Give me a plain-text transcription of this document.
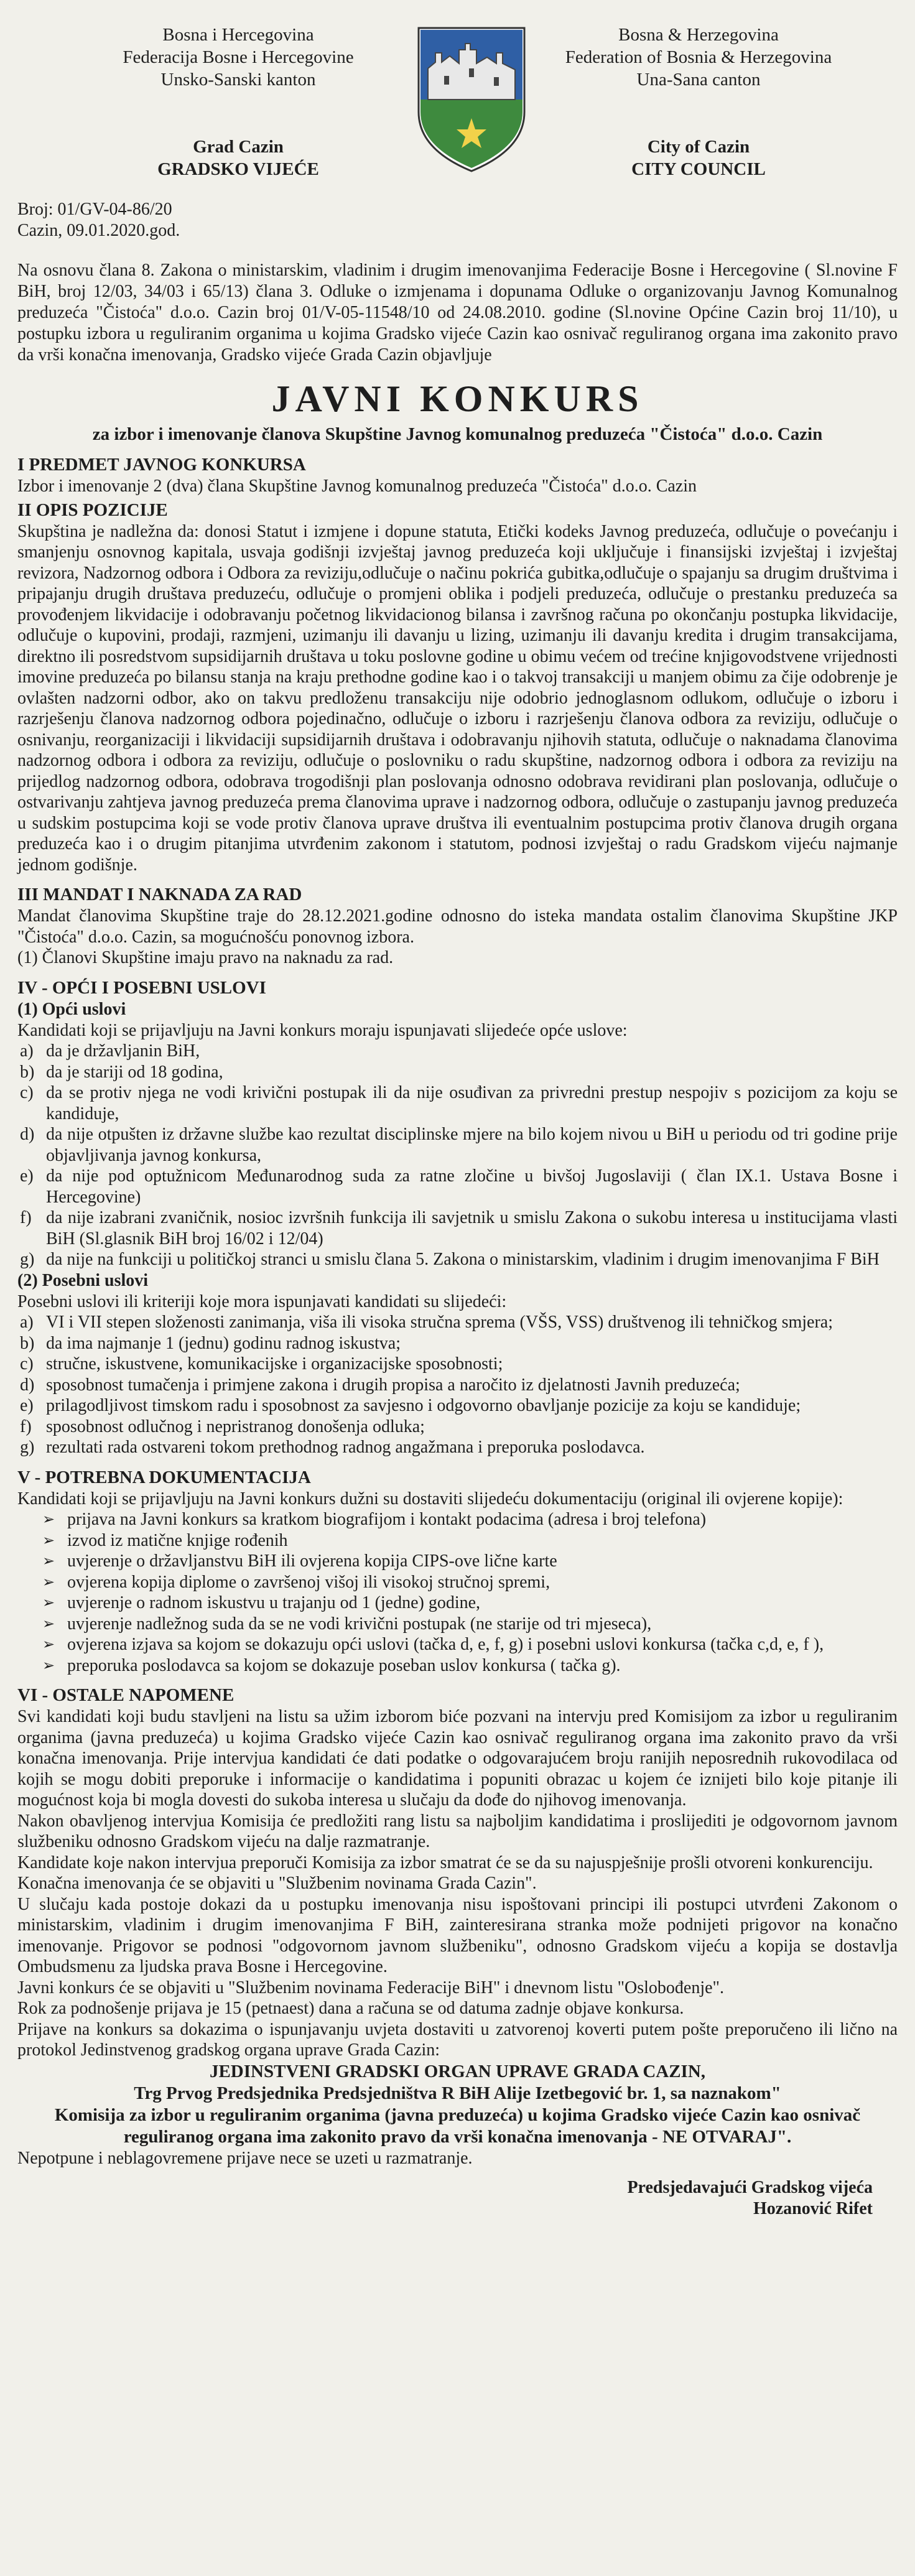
Bosna i Hercegovina
Federacija Bosne i Hercegovine
Unsko-Sanski kanton
Grad Cazin
GRADSKO VIJEĆE
Bosna & Herzegovina
Federation of Bosnia & Herzegovina
Una-Sana canton
City of Cazin
CITY COUNCIL
Broj: 01/GV-04-86/20
Cazin, 09.01.2020.god.
Na osnovu člana 8. Zakona o ministarskim, vladinim i drugim imenovanjima Federacije Bosne i Hercegovine ( Sl.novine F BiH, broj 12/03, 34/03 i 65/13) člana 3. Odluke o izmjenama i dopunama Odluke o organizovanju Javnog Komunalnog preduzeća "Čistoća" d.o.o. Cazin broj 01/V-05-11548/10 od 24.08.2010. godine (Sl.novine Općine Cazin broj 11/10), u postupku izbora u reguliranim organima u kojima Gradsko vijeće Cazin kao osnivač reguliranog organa ima zakonito pravo da vrši konačna imenovanja, Gradsko vijeće Grada Cazin objavljuje
JAVNI KONKURS
za izbor i imenovanje članova Skupštine Javnog komunalnog preduzeća "Čistoća" d.o.o. Cazin
I PREDMET JAVNOG KONKURSA
Izbor i imenovanje 2 (dva) člana Skupštine Javnog komunalnog preduzeća "Čistoća" d.o.o. Cazin
II OPIS POZICIJE
Skupština je nadležna da: donosi Statut i izmjene i dopune statuta, Etički kodeks Javnog preduzeća, odlučuje o povećanju i smanjenju osnovnog kapitala, usvaja godišnji izvještaj javnog preduzeća koji uključuje i finansijski izvještaj i izvještaj revizora, Nadzornog odbora i Odbora za reviziju,odlučuje o načinu pokrića gubitka,odlučuje o spajanju sa drugim društvima i pripajanju drugih društava preduzeću, odlučuje o promjeni oblika i podjeli preduzeća, odlučuje o prestanku preduzeća sa provođenjem likvidacije i odobravanju početnog likvidacionog bilansa i završnog računa po okončanju postupka likvidacije, odlučuje o kupovini, prodaji, razmjeni, uzimanju ili davanju u lizing, uzimanju ili davanju kredita i drugim transakcijama, direktno ili posredstvom supsidijarnih društava u toku poslovne godine u obimu većem od trećine knjigovodstvene vrijednosti imovine preduzeća po bilansu stanja na kraju prethodne godine kao i o takvoj transakciji u manjem obimu za čije odobrenje je ovlašten nadzorni odbor, ako on takvu predloženu transakciju nije odobrio jednoglasnom odlukom, odlučuje o izboru i razrješenju članova nadzornog odbora pojedinačno, odlučuje o izboru i razrješenju članova odbora za reviziju, odlučuje o osnivanju, reorganizaciji i likvidaciji supsidijarnih društava i odobravanju njihovih statuta, odlučuje o naknadama članovima nadzornog odbora i odbora za reviziju, odlučuje o poslovniku o radu skupštine, nadzornog odbora i odbora za reviziju na prijedlog nadzornog odbora, odobrava trogodišnji plan poslovanja odnosno odobrava revidirani plan poslovanja, odlučuje o ostvarivanju zahtjeva javnog preduzeća prema članovima uprave i nadzornog odbora, odlučuje o zastupanju javnog preduzeća u sudskim postupcima koji se vode protiv članova uprave društva ili eventualnim postupcima protiv članova drugih organa preduzeća kao i o drugim pitanjima utvrđenim zakonom i statutom, podnosi izvještaj o radu Gradskom vijeću najmanje jednom godišnje.
III MANDAT I NAKNADA ZA RAD
Mandat članovima Skupštine traje do 28.12.2021.godine odnosno do isteka mandata ostalim članovima Skupštine JKP "Čistoća" d.o.o. Cazin, sa mogućnošću ponovnog izbora.
(1) Članovi Skupštine imaju pravo na naknadu za rad.
IV - OPĆI I POSEBNI USLOVI
(1) Opći uslovi
Kandidati koji se prijavljuju na Javni konkurs moraju ispunjavati slijedeće opće uslove:
a) da je državljanin BiH,
b) da je stariji od 18 godina,
c) da se protiv njega ne vodi krivični postupak ili da nije osuđivan za privredni prestup nespojiv s pozicijom za koju se kandiduje,
d) da nije otpušten iz državne službe kao rezultat disciplinske mjere na bilo kojem nivou u BiH u periodu od tri godine prije objavljivanja javnog konkursa,
e) da nije pod optužnicom Međunarodnog suda za ratne zločine u bivšoj Jugoslaviji ( član IX.1. Ustava Bosne i Hercegovine)
f) da nije izabrani zvaničnik, nosioc izvršnih funkcija ili savjetnik u smislu Zakona o sukobu interesa u institucijama vlasti BiH (Sl.glasnik BiH broj 16/02 i 12/04)
g) da nije na funkciji u političkoj stranci u smislu člana 5. Zakona o ministarskim, vladinim i drugim imenovanjima F BiH
(2) Posebni uslovi
Posebni uslovi ili kriteriji koje mora ispunjavati kandidati su slijedeći:
a) VI i VII stepen složenosti zanimanja, viša ili visoka stručna sprema (VŠS, VSS) društvenog ili tehničkog smjera;
b) da ima najmanje 1 (jednu) godinu radnog iskustva;
c) stručne, iskustvene, komunikacijske i organizacijske sposobnosti;
d) sposobnost tumačenja i primjene zakona i drugih propisa a naročito iz djelatnosti Javnih preduzeća;
e) prilagodljivost timskom radu i sposobnost za savjesno i odgovorno obavljanje pozicije za koju se kandiduje;
f) sposobnost odlučnog i nepristranog donošenja odluka;
g) rezultati rada ostvareni tokom prethodnog radnog angažmana i preporuka poslodavca.
V - POTREBNA DOKUMENTACIJA
Kandidati koji se prijavljuju na Javni konkurs dužni su dostaviti slijedeću dokumentaciju (original ili ovjerene kopije):
➢ prijava na Javni konkurs sa kratkom biografijom i kontakt podacima (adresa i broj telefona)
➢ izvod iz matične knjige rođenih
➢ uvjerenje o državljanstvu BiH ili ovjerena kopija CIPS-ove lične karte
➢ ovjerena kopija diplome o završenoj višoj ili visokoj stručnoj spremi,
➢ uvjerenje o radnom iskustvu u trajanju od 1 (jedne) godine,
➢ uvjerenje nadležnog suda da se ne vodi krivični postupak (ne starije od tri mjeseca),
➢ ovjerena izjava sa kojom se dokazuju opći uslovi (tačka d, e, f, g) i posebni uslovi konkursa (tačka c,d, e, f ),
➢ preporuka poslodavca sa kojom se dokazuje poseban uslov konkursa ( tačka g).
VI - OSTALE NAPOMENE
Svi kandidati koji budu stavljeni na listu sa užim izborom biće pozvani na intervju pred Komisijom za izbor u reguliranim organima (javna preduzeća) u kojima Gradsko vijeće Cazin kao osnivač reguliranog organa ima zakonito pravo da vrši konačna imenovanja. Prije intervjua kandidati će dati podatke o odgovarajućem broju ranijih neposrednih rukovodilaca od kojih se mogu dobiti preporuke i informacije o kandidatima i popuniti obrazac u kojem će iznijeti bilo koje pitanje ili mogućnost koja bi mogla dovesti do sukoba interesa u slučaju da dođe do njihovog imenovanja.
Nakon obavljenog intervjua Komisija će predložiti rang listu sa najboljim kandidatima i proslijediti je odgovornom javnom službeniku odnosno Gradskom vijeću na dalje razmatranje.
Kandidate koje nakon intervjua preporuči Komisija za izbor smatrat će se da su najuspješnije prošli otvoreni konkurenciju.
Konačna imenovanja će se objaviti u "Službenim novinama Grada Cazin".
U slučaju kada postoje dokazi da u postupku imenovanja nisu ispoštovani principi ili postupci utvrđeni Zakonom o ministarskim, vladinim i drugim imenovanjima F BiH, zainteresirana stranka može podnijeti prigovor na konačno imenovanje. Prigovor se podnosi "odgovornom javnom službeniku", odnosno Gradskom vijeću a kopija se dostavlja Ombudsmenu za ljudska prava Bosne i Hercegovine.
Javni konkurs će se objaviti u "Službenim novinama Federacije BiH" i dnevnom listu "Oslobođenje".
Rok za podnošenje prijava je 15 (petnaest) dana a računa se od datuma zadnje objave konkursa.
Prijave na konkurs sa dokazima o ispunjavanju uvjeta dostaviti u zatvorenoj koverti putem pošte preporučeno ili lično na protokol Jedinstvenog gradskog organa uprave Grada Cazin:
JEDINSTVENI GRADSKI ORGAN UPRAVE GRADA CAZIN,
Trg Prvog Predsjednika Predsjedništva R BiH Alije Izetbegović br. 1, sa naznakom"
Komisija za izbor u reguliranim organima (javna preduzeća) u kojima Gradsko vijeće Cazin kao osnivač reguliranog organa ima zakonito pravo da vrši konačna imenovanja - NE OTVARAJ".
Nepotpune i neblagovremene prijave nece se uzeti u razmatranje.
Predsjedavajući Gradskog vijeća
Hozanović Rifet
